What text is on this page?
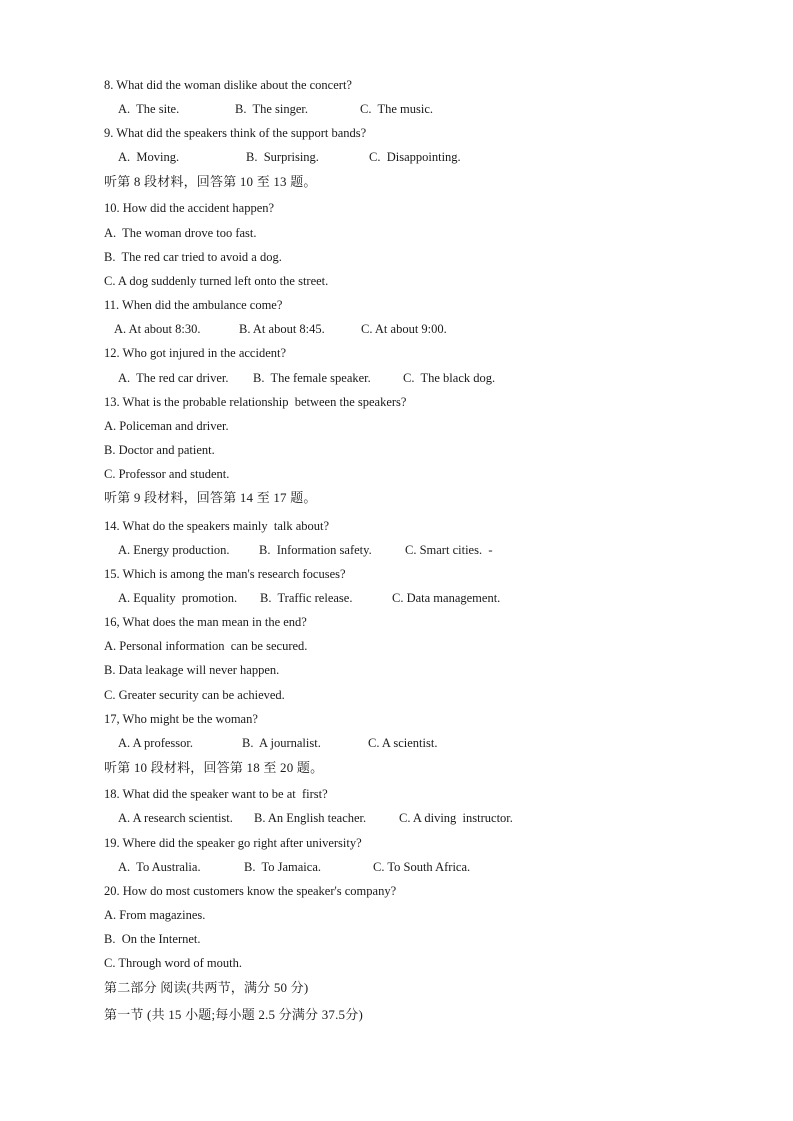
8. What did the woman dislike about the concert?
A.  The site.	B.  The singer.	C.  The music.
9. What did the speakers think of the support bands?
A.  Moving.	B.  Surprising.	C.  Disappointing.
听第 8 段材料，回答第 10 至 13 题。
10. How did the accident happen?
A.  The woman drove too fast.
B.  The red car tried to avoid a dog.
C. A dog suddenly turned left onto the street.
11. When did the ambulance come?
A. At about 8:30.	B. At about 8:45.	C. At about 9:00.
12. Who got injured in the accident?
A.  The red car driver. B.  The female speaker.	C.  The black dog.
13. What is the probable relationship  between the speakers?
A. Policeman and driver.
B. Doctor and patient.
C. Professor and student.
听第 9 段材料，回答第 14 至 17 题。
14. What do the speakers mainly  talk about?
A. Energy production. B.  Information safety.	C. Smart cities.  -
15. Which is among the man's research focuses?
A. Equality  promotion. B.  Traffic release.	C. Data management.
16, What does the man mean in the end?
A. Personal information  can be secured.
B. Data leakage will never happen.
C. Greater security can be achieved.
17, Who might be the woman?
A. A professor.	B.  A journalist.	C. A scientist.
听第 10 段材料，回答第 18 至 20 题。
18. What did the speaker want to be at  first?
A. A research scientist. B. An English teacher.	C. A diving  instructor.
19. Where did the speaker go right after university?
A.  To Australia.	B.  To Jamaica.	C. To South Africa.
20. How do most customers know the speaker's company?
A. From magazines.
B.  On the Internet.
C. Through word of mouth.
第二部分 阅读(共两节，满分 50 分)
第一节 (共 15 小题;每小题 2.5 分满分 37.5分)
